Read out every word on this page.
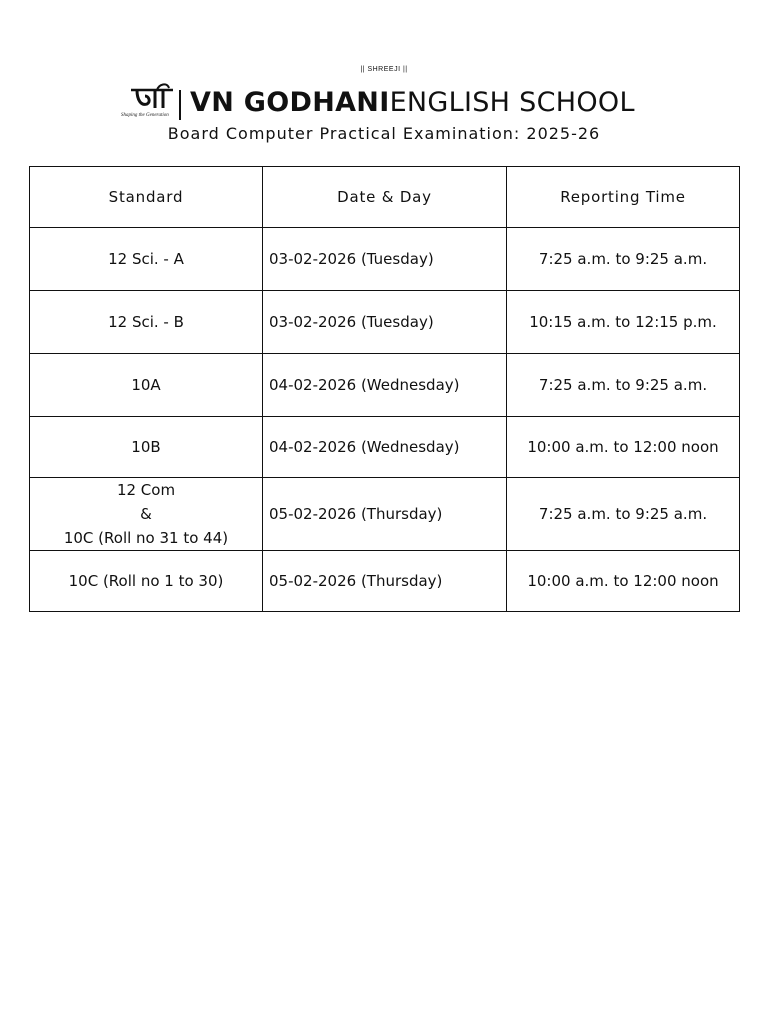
|| SHREEJI ||
Shaping the Generation VN GODHANIENGLISH SCHOOL
Board Computer Practical Examination: 2025-26
Standard	Date & Day	Reporting Time
12 Sci. - A	03-02-2026 (Tuesday)	7:25 a.m. to 9:25 a.m.
12 Sci. - B	03-02-2026 (Tuesday)	10:15 a.m. to 12:15 p.m.
10A	04-02-2026 (Wednesday)	7:25 a.m. to 9:25 a.m.
10B	04-02-2026 (Wednesday)	10:00 a.m. to 12:00 noon

12 Com
&
10C (Roll no 31 to 44)	05-02-2026 (Thursday)	7:25 a.m. to 9:25 a.m.
10C (Roll no 1 to 30)	05-02-2026 (Thursday)	10:00 a.m. to 12:00 noon
